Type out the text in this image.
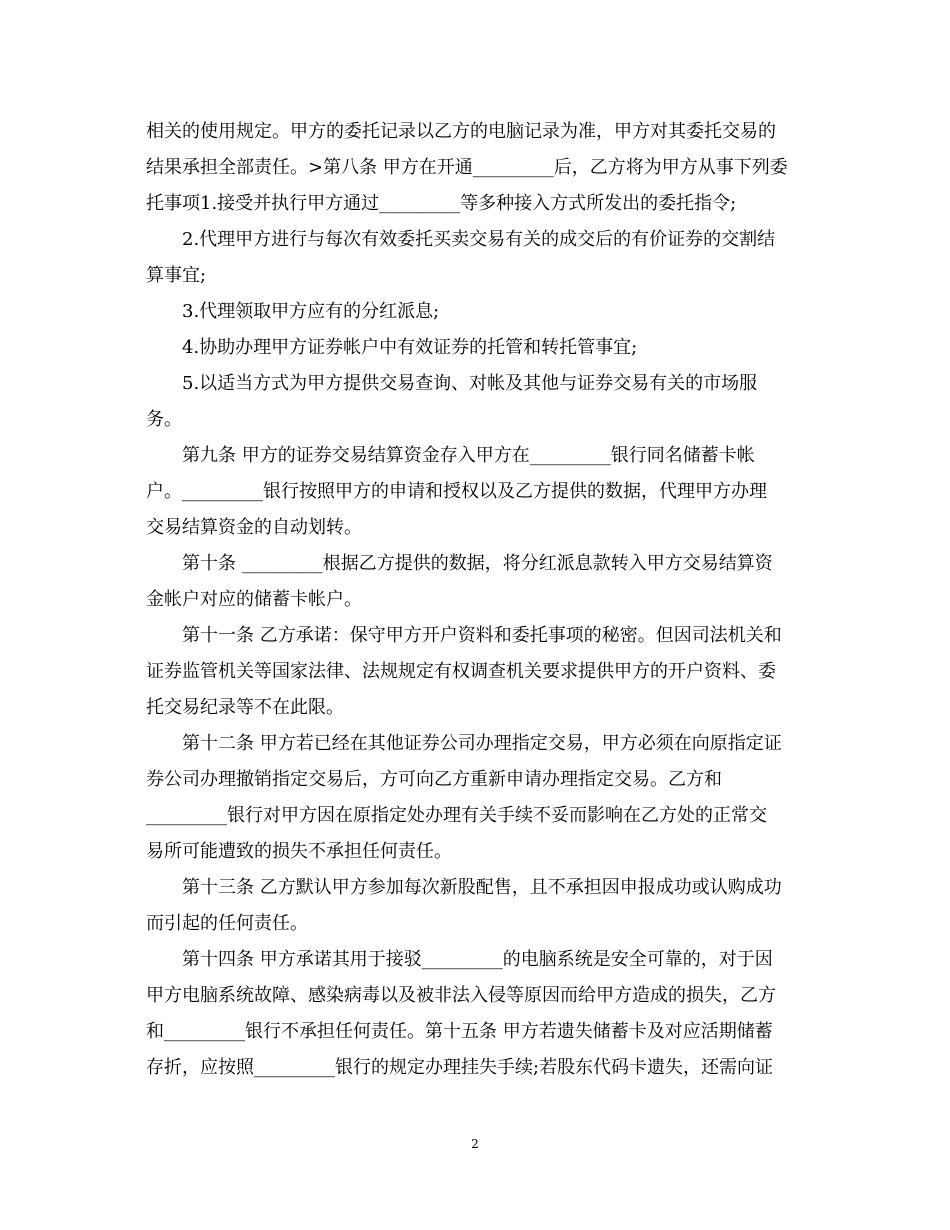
相关的使用规定。甲方的委托记录以乙方的电脑记录为准，甲方对其委托交易的
结果承担全部责任。>第八条 甲方在开通_________后，乙方将为甲方从事下列委
托事项1.接受并执行甲方通过_________等多种接入方式所发出的委托指令;
　　2.代理甲方进行与每次有效委托买卖交易有关的成交后的有价证券的交割结
算事宜;
　　3.代理领取甲方应有的分红派息;
　　4.协助办理甲方证券帐户中有效证券的托管和转托管事宜;
　　5.以适当方式为甲方提供交易查询、对帐及其他与证券交易有关的市场服
务。
　　第九条 甲方的证券交易结算资金存入甲方在_________银行同名储蓄卡帐
户。_________银行按照甲方的申请和授权以及乙方提供的数据，代理甲方办理
交易结算资金的自动划转。
　　第十条 _________根据乙方提供的数据，将分红派息款转入甲方交易结算资
金帐户对应的储蓄卡帐户。
　　第十一条 乙方承诺：保守甲方开户资料和委托事项的秘密。但因司法机关和
证券监管机关等国家法律、法规规定有权调查机关要求提供甲方的开户资料、委
托交易纪录等不在此限。
　　第十二条 甲方若已经在其他证券公司办理指定交易，甲方必须在向原指定证
券公司办理撤销指定交易后，方可向乙方重新申请办理指定交易。乙方和
_________银行对甲方因在原指定处办理有关手续不妥而影响在乙方处的正常交
易所可能遭致的损失不承担任何责任。
　　第十三条 乙方默认甲方参加每次新股配售，且不承担因申报成功或认购成功
而引起的任何责任。
　　第十四条 甲方承诺其用于接驳_________的电脑系统是安全可靠的，对于因
甲方电脑系统故障、感染病毒以及被非法入侵等原因而给甲方造成的损失，乙方
和_________银行不承担任何责任。第十五条 甲方若遗失储蓄卡及对应活期储蓄
存折，应按照_________银行的规定办理挂失手续;若股东代码卡遗失，还需向证
2
